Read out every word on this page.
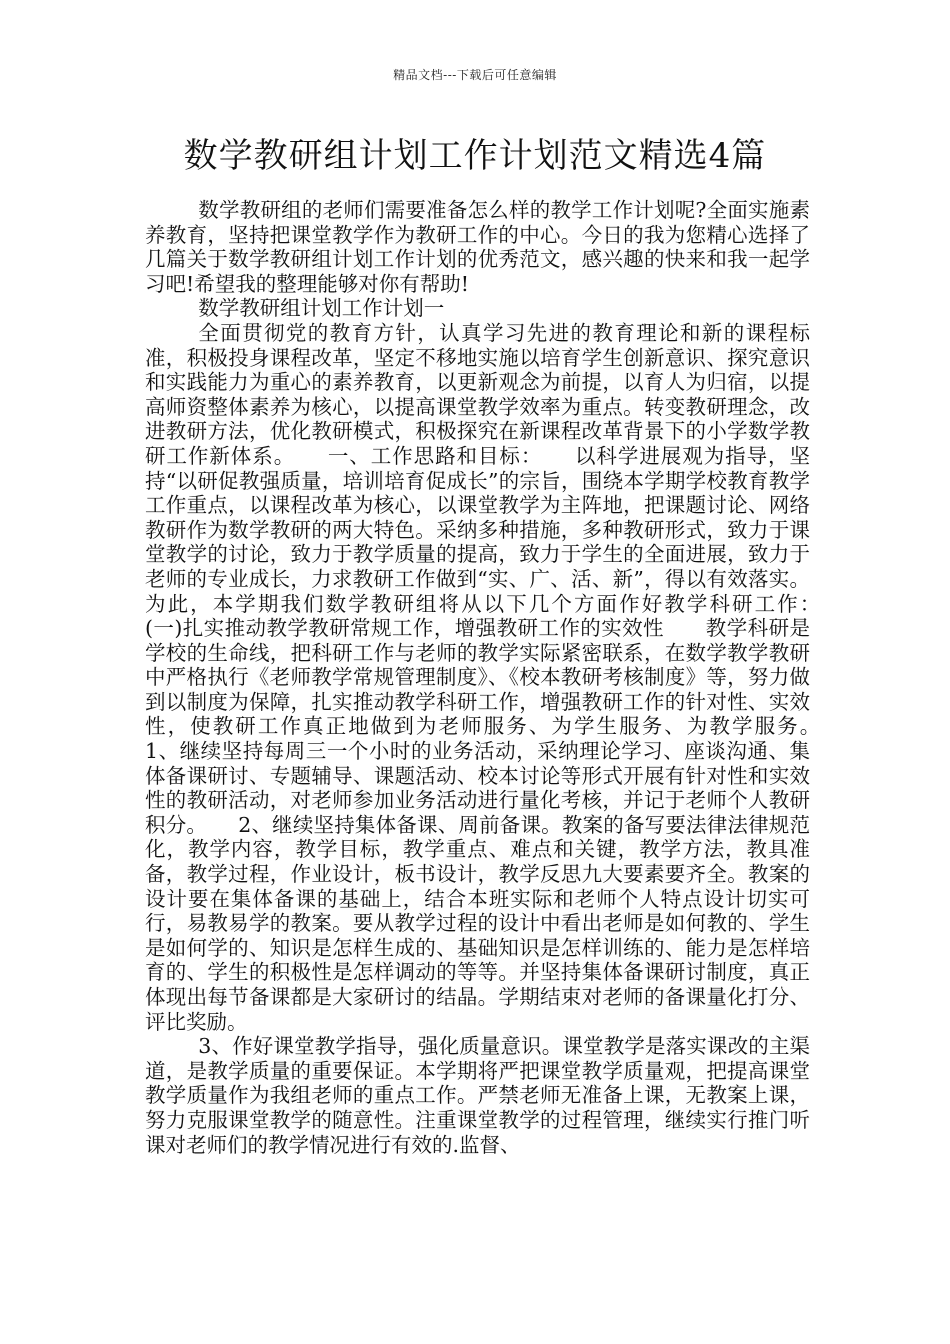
精品文档---下载后可任意编辑
数学教研组计划工作计划范文精选4篇

数学教研组的老师们需要准备怎么样的教学工作计划呢?全面实施素养教育，坚持把课堂教学作为教研工作的中心。今日的我为您精心选择了几篇关于数学教研组计划工作计划的优秀范文，感兴趣的快来和我一起学习吧!希望我的整理能够对你有帮助!

数学教研组计划工作计划一

全面贯彻党的教育方针，认真学习先进的教育理论和新的课程标准，积极投身课程改革，坚定不移地实施以培育学生创新意识、探究意识和实践能力为重心的素养教育，以更新观念为前提，以育人为归宿，以提高师资整体素养为核心，以提高课堂教学效率为重点。转变教研理念，改进教研方法，优化教研模式，积极探究在新课程改革背景下的小学数学教研工作新体系。　　一、工作思路和目标：　　以科学进展观为指导，坚持“以研促教强质量，培训培育促成长”的宗旨，围绕本学期学校教育教学工作重点，以课程改革为核心，以课堂教学为主阵地，把课题讨论、网络教研作为数学教研的两大特色。采纳多种措施，多种教研形式，致力于课堂教学的讨论，致力于教学质量的提高，致力于学生的全面进展，致力于老师的专业成长，力求教研工作做到“实、广、活、新”，得以有效落实。为此，本学期我们数学教研组将从以下几个方面作好教学科研工作：　　(一)扎实推动教学教研常规工作，增强教研工作的实效性　　教学科研是学校的生命线，把科研工作与老师的教学实际紧密联系，在数学教学教研中严格执行《老师教学常规管理制度》、《校本教研考核制度》等，努力做到以制度为保障，扎实推动教学科研工作，增强教研工作的针对性、实效性，使教研工作真正地做到为老师服务、为学生服务、为教学服务。　　1、继续坚持每周三一个小时的业务活动，采纳理论学习、座谈沟通、集体备课研讨、专题辅导、课题活动、校本讨论等形式开展有针对性和实效性的教研活动，对老师参加业务活动进行量化考核，并记于老师个人教研积分。　　2、继续坚持集体备课、周前备课。教案的备写要法律法律规范化，教学内容，教学目标，教学重点、难点和关键，教学方法，教具准备，教学过程，作业设计，板书设计，教学反思九大要素要齐全。教案的设计要在集体备课的基础上，结合本班实际和老师个人特点设计切实可行，易教易学的教案。要从教学过程的设计中看出老师是如何教的、学生是如何学的、知识是怎样生成的、基础知识是怎样训练的、能力是怎样培育的、学生的积极性是怎样调动的等等。并坚持集体备课研讨制度，真正体现出每节备课都是大家研讨的结晶。学期结束对老师的备课量化打分、评比奖励。

3、作好课堂教学指导，强化质量意识。课堂教学是落实课改的主渠道，是教学质量的重要保证。本学期将严把课堂教学质量观，把提高课堂教学质量作为我组老师的重点工作。严禁老师无准备上课，无教案上课，努力克服课堂教学的随意性。注重课堂教学的过程管理，继续实行推门听课对老师们的教学情况进行有效的.监督、
